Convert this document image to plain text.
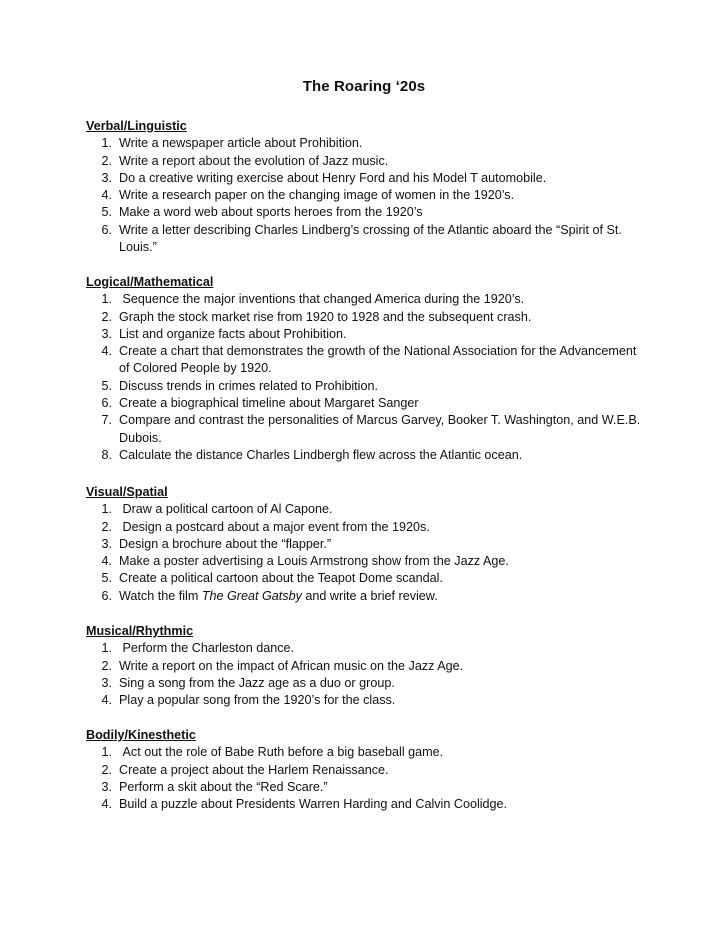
The Roaring ‘20s
Verbal/Linguistic
1. Write a newspaper article about Prohibition.
2. Write a report about the evolution of Jazz music.
3. Do a creative writing exercise about Henry Ford and his Model T automobile.
4. Write a research paper on the changing image of women in the 1920’s.
5. Make a word web about sports heroes from the 1920’s
6. Write a letter describing Charles Lindberg’s crossing of the Atlantic aboard the “Spirit of St. Louis.”
Logical/Mathematical
1. Sequence the major inventions that changed America during the 1920’s.
2. Graph the stock market rise from 1920 to 1928 and the subsequent crash.
3. List and organize facts about Prohibition.
4. Create a chart that demonstrates the growth of the National Association for the Advancement of Colored People by 1920.
5. Discuss trends in crimes related to Prohibition.
6. Create a biographical timeline about Margaret Sanger
7. Compare and contrast the personalities of Marcus Garvey, Booker T. Washington, and W.E.B. Dubois.
8. Calculate the distance Charles Lindbergh flew across the Atlantic ocean.
Visual/Spatial
1. Draw a political cartoon of Al Capone.
2. Design a postcard about a major event from the 1920s.
3. Design a brochure about the “flapper.”
4. Make a poster advertising a Louis Armstrong show from the Jazz Age.
5. Create a political cartoon about the Teapot Dome scandal.
6. Watch the film The Great Gatsby and write a brief review.
Musical/Rhythmic
1. Perform the Charleston dance.
2. Write a report on the impact of African music on the Jazz Age.
3. Sing a song from the Jazz age as a duo or group.
4. Play a popular song from the 1920’s for the class.
Bodily/Kinesthetic
1. Act out the role of Babe Ruth before a big baseball game.
2. Create a project about the Harlem Renaissance.
3. Perform a skit about the “Red Scare.”
4. Build a puzzle about Presidents Warren Harding and Calvin Coolidge.
